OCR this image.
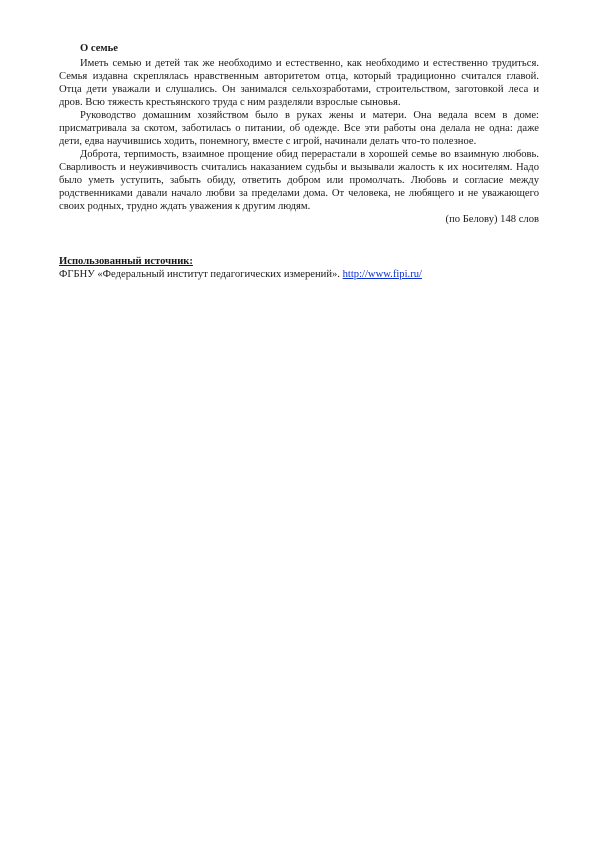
О семье

Иметь семью и детей так же необходимо и естественно, как необходимо и естественно трудиться. Семья издавна скреплялась нравственным авторитетом отца, который традиционно считался главой. Отца дети уважали и слушались. Он занимался сельхозработами, строительством, заготовкой леса и дров. Всю тяжесть крестьянского труда с ним разделяли взрослые сыновья.

Руководство домашним хозяйством было в руках жены и матери. Она ведала всем в доме: присматривала за скотом, заботилась о питании, об одежде. Все эти работы она делала не одна: даже дети, едва научившись ходить, понемногу, вместе с игрой, начинали делать что-то полезное.

Доброта, терпимость, взаимное прощение обид перерастали в хорошей семье во взаимную любовь. Сварливость и неуживчивость считались наказанием судьбы и вызывали жалость к их носителям. Надо было уметь уступить, забыть обиду, ответить добром или промолчать. Любовь и согласие между родственниками давали начало любви за пределами дома. От человека, не любящего и не уважающего своих родных, трудно ждать уважения к другим людям.

(по Белову) 148 слов

Использованный источник:

ФГБНУ «Федеральный институт педагогических измерений». http://www.fipi.ru/
